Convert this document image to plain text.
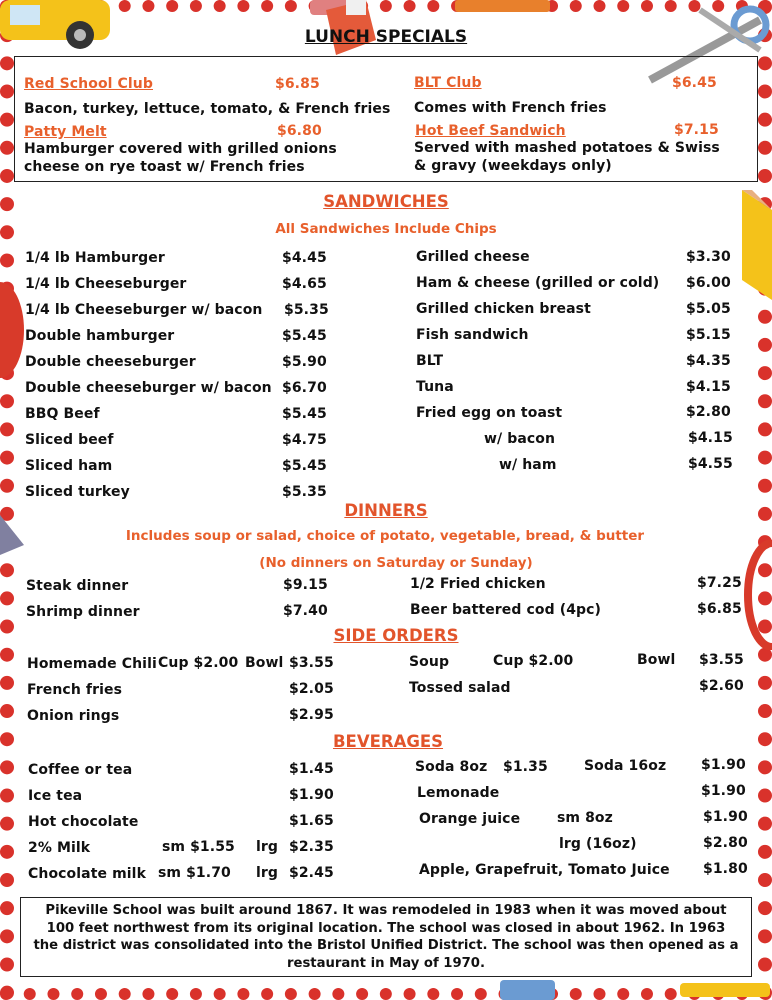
LUNCH SPECIALS
Red School Club	$6.85
Bacon, turkey, lettuce, tomato, & French fries
BLT Club	$6.45
Comes with French fries
Patty Melt	$6.80
Hamburger covered with grilled onions
cheese on rye toast w/ French fries
Hot Beef Sandwich	$7.15
Served with mashed potatoes & Swiss
& gravy (weekdays only)
SANDWICHES
All Sandwiches Include Chips
1/4 lb Hamburger	$4.45
1/4 lb Cheeseburger	$4.65
1/4 lb Cheeseburger w/ bacon $5.35
Double hamburger	$5.45
Double cheeseburger	$5.90
Double cheeseburger w/ bacon $6.70
BBQ Beef	$5.45
Sliced beef	$4.75
Sliced ham	$5.45
Sliced turkey	$5.35
Grilled cheese	$3.30
Ham & cheese (grilled or cold) $6.00
Grilled chicken breast	$5.05
Fish sandwich	$5.15
BLT	$4.35
Tuna	$4.15
Fried egg on toast	$2.80
w/ bacon	$4.15
w/ ham	$4.55
DINNERS
Includes soup or salad, choice of potato, vegetable, bread, & butter
(No dinners on Saturday or Sunday)
Steak dinner	$9.15
Shrimp dinner	$7.40
1/2 Fried chicken	$7.25
Beer battered cod (4pc)	$6.85
SIDE ORDERS
Homemade Chili Cup $2.00 Bowl $3.55
French fries	$2.05
Onion rings	$2.95
Soup	Cup $2.00	Bowl $3.55
Tossed salad	$2.60
BEVERAGES
Coffee or tea	$1.45
Ice tea	$1.90
Hot chocolate	$1.65
2% Milk	sm $1.55 lrg $2.35
Chocolate milk sm $1.70 lrg $2.45
Soda 8oz $1.35	Soda 16oz $1.90
Lemonade	$1.90
Orange juice	sm 8oz	$1.90
lrg (16oz)	$2.80
Apple, Grapefruit, Tomato Juice $1.80
Pikeville School was built around 1867. It was remodeled in 1983 when it was moved about
100 feet northwest from its original location. The school was closed in about 1962. In 1963
the district was consolidated into the Bristol Unified District. The school was then opened as a
restaurant in May of 1970.
